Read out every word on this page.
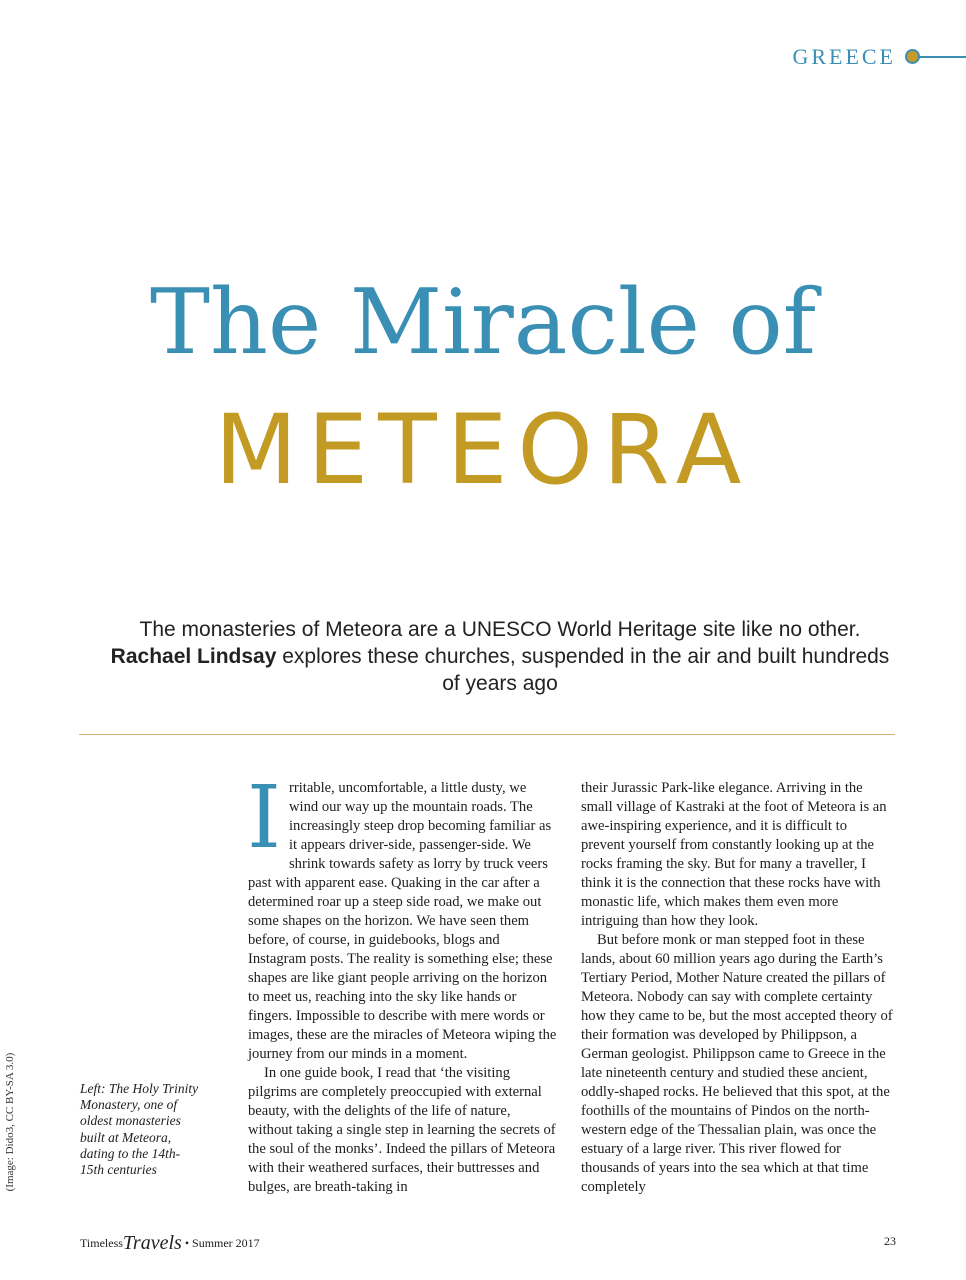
GREECE
The Miracle of
METEORA
The monasteries of Meteora are a UNESCO World Heritage site like no other. Rachael Lindsay explores these churches, suspended in the air and built hundreds of years ago

Irritable, uncomfortable, a little dusty, we wind our way up the mountain roads. The increasingly steep drop becoming familiar as it appears driver-side, passenger-side. We shrink towards safety as lorry by truck veers past with apparent ease. Quaking in the car after a determined roar up a steep side road, we make out some shapes on the horizon. We have seen them before, of course, in guidebooks, blogs and Instagram posts. The reality is something else; these shapes are like giant people arriving on the horizon to meet us, reaching into the sky like hands or fingers. Impossible to describe with mere words or images, these are the miracles of Meteora wiping the journey from our minds in a moment.

In one guide book, I read that ‘the visiting pilgrims are completely preoccupied with external beauty, with the delights of the life of nature, without taking a single step in learning the secrets of the soul of the monks’. Indeed the pillars of Meteora with their weathered surfaces, their buttresses and bulges, are breath-taking in

their Jurassic Park-like elegance. Arriving in the small village of Kastraki at the foot of Meteora is an awe-inspiring experience, and it is difficult to prevent yourself from constantly looking up at the rocks framing the sky. But for many a traveller, I think it is the connection that these rocks have with monastic life, which makes them even more intriguing than how they look.

But before monk or man stepped foot in these lands, about 60 million years ago during the Earth’s Tertiary Period, Mother Nature created the pillars of Meteora. Nobody can say with complete certainty how they came to be, but the most accepted theory of their formation was developed by Philippson, a German geologist. Philippson came to Greece in the late nineteenth century and studied these ancient, oddly-shaped rocks. He believed that this spot, at the foothills of the mountains of Pindos on the north-western edge of the Thessalian plain, was once the estuary of a large river. This river flowed for thousands of years into the sea which at that time completely

Left: The Holy Trinity Monastery, one of oldest monasteries built at Meteora, dating to the 14th-15th centuries
(Image: Dido3, CC BY-SA 3.0)
TimelessTravels • Summer 2017	23
